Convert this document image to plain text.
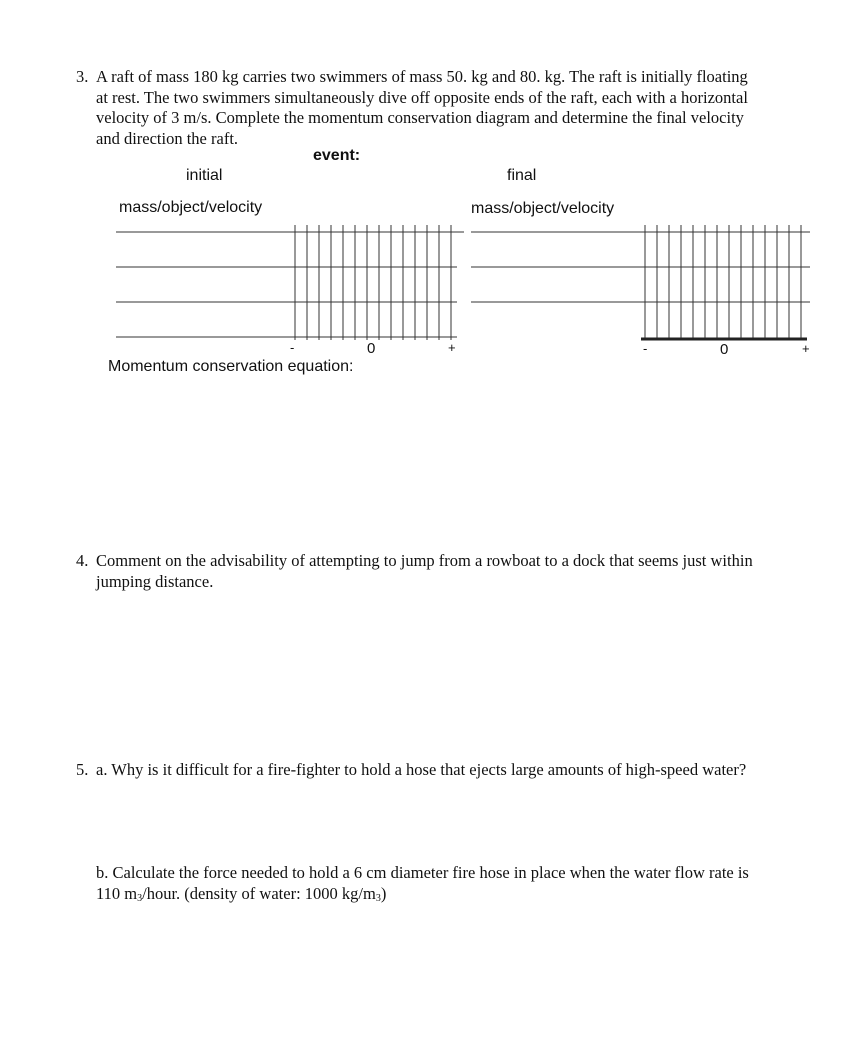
3. A raft of mass 180 kg carries two swimmers of mass 50. kg and 80. kg. The raft is initially floating
at rest. The two swimmers simultaneously dive off opposite ends of the raft, each with a horizontal
velocity of 3 m/s. Complete the momentum conservation diagram and determine the final velocity
and direction the raft.
event:
initial	final
mass/object/velocity	mass/object/velocity
-	0	+	-	0	+
Momentum conservation equation:
4. Comment on the advisability of attempting to jump from a rowboat to a dock that seems just within
jumping distance.
5. a. Why is it difficult for a fire-fighter to hold a hose that ejects large amounts of high-speed water?
b. Calculate the force needed to hold a 6 cm diameter fire hose in place when the water flow rate is
110 $m_3$/hour. (density of water: 1000 $kg/m_3$)
